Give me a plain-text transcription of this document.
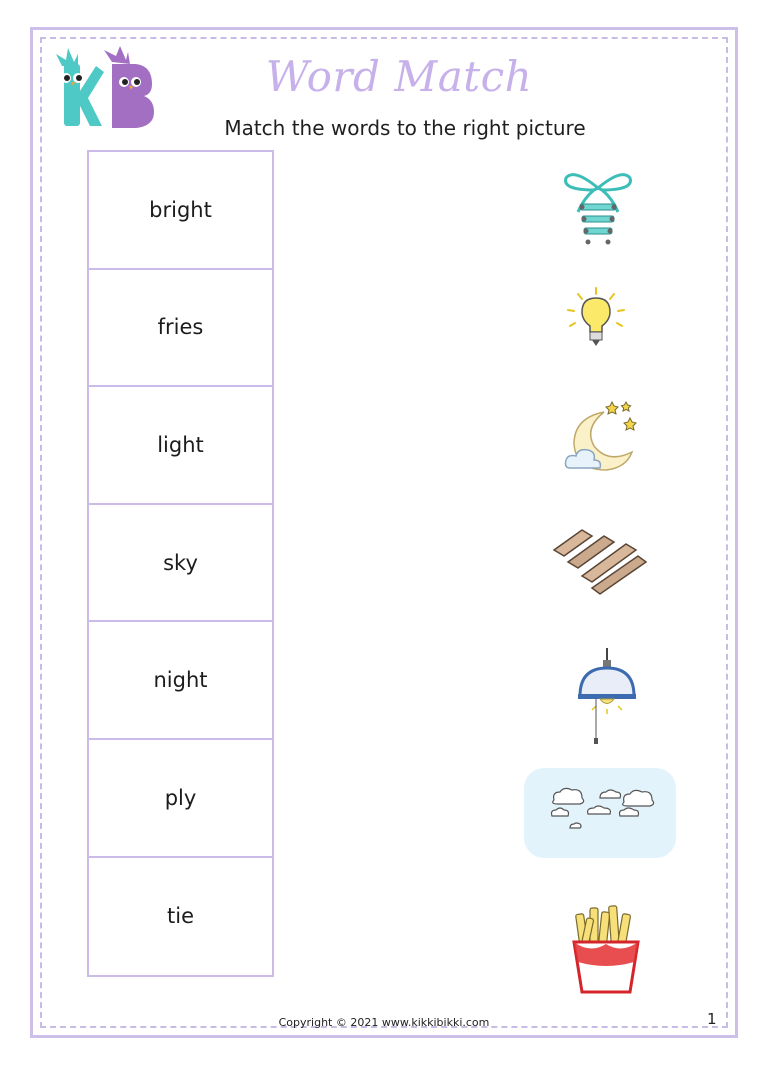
Word Match
Match the words to the right picture
bright
fries
light
sky
night
ply
tie
Copyright © 2021 www.kikkibikki.com	1
